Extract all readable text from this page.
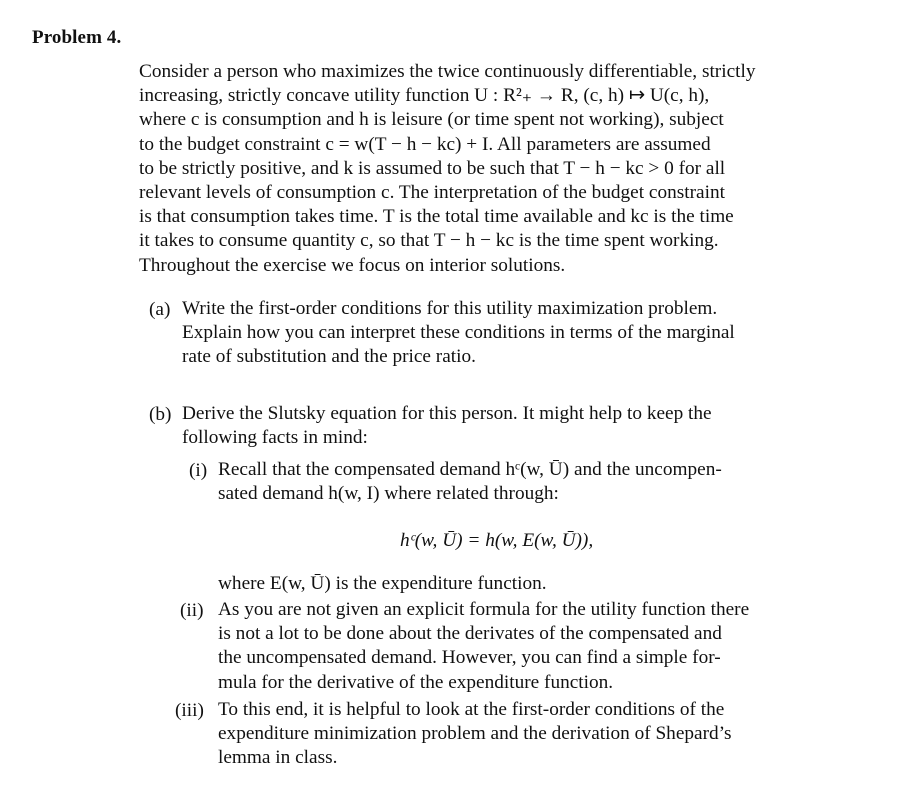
Problem 4.
Consider a person who maximizes the twice continuously differentiable, strictly
increasing, strictly concave utility function U : R²₊ → R, (c, h) ↦ U(c, h),
where c is consumption and h is leisure (or time spent not working), subject
to the budget constraint c = w(T − h − kc) + I. All parameters are assumed
to be strictly positive, and k is assumed to be such that T − h − kc > 0 for all
relevant levels of consumption c. The interpretation of the budget constraint
is that consumption takes time. T is the total time available and kc is the time
it takes to consume quantity c, so that T − h − kc is the time spent working.
Throughout the exercise we focus on interior solutions.
(a) Write the first-order conditions for this utility maximization problem.
Explain how you can interpret these conditions in terms of the marginal
rate of substitution and the price ratio.
(b) Derive the Slutsky equation for this person. It might help to keep the
following facts in mind:
(i) Recall that the compensated demand hᶜ(w, Ū) and the uncompen-
sated demand h(w, I) where related through:
hᶜ(w, Ū) = h(w, E(w, Ū)),
where E(w, Ū) is the expenditure function.
(ii) As you are not given an explicit formula for the utility function there
is not a lot to be done about the derivates of the compensated and
the uncompensated demand. However, you can find a simple for-
mula for the derivative of the expenditure function.
(iii) To this end, it is helpful to look at the first-order conditions of the
expenditure minimization problem and the derivation of Shepard’s
lemma in class.
